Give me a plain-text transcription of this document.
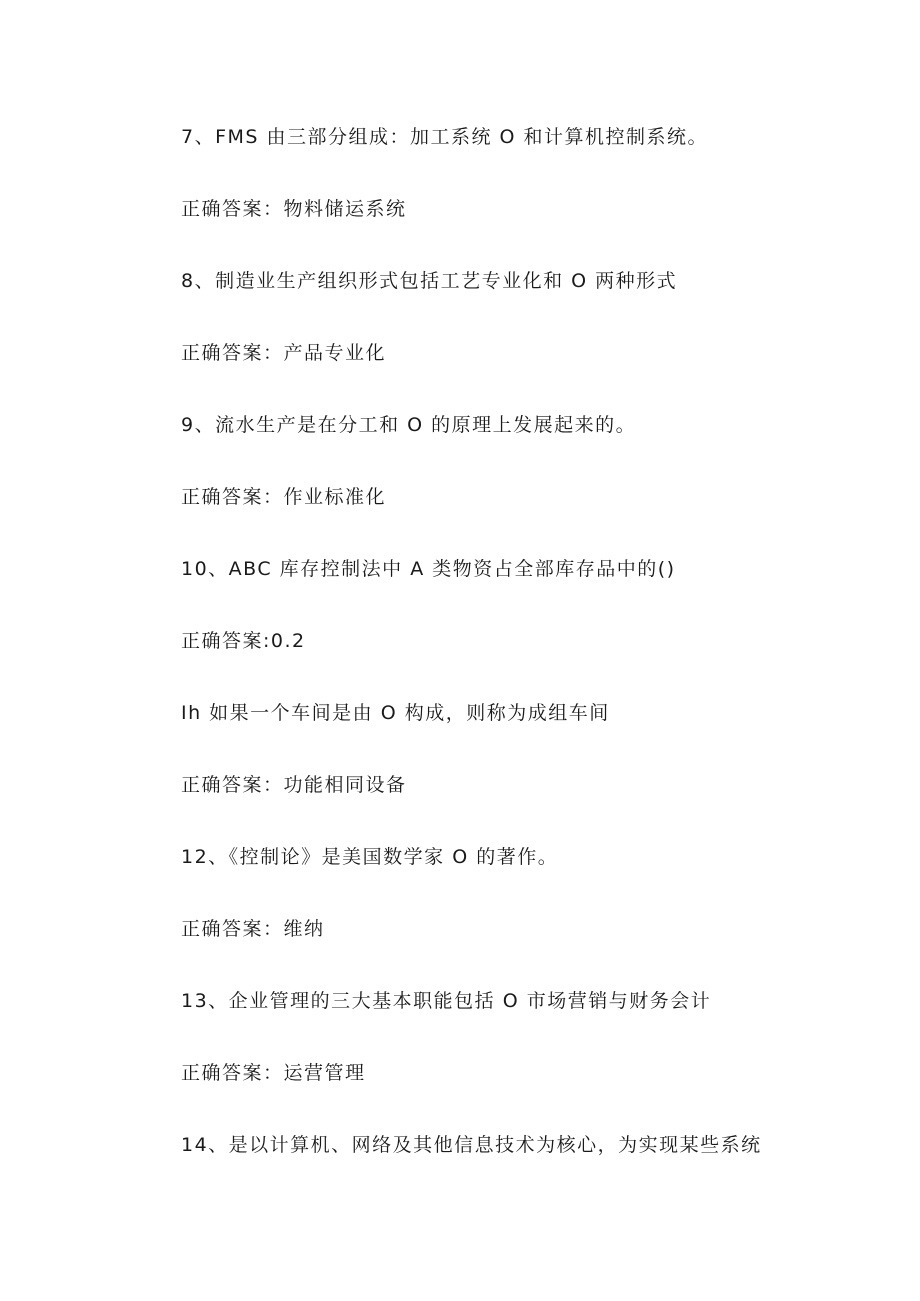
7、FMS 由三部分组成：加工系统 O 和计算机控制系统。
正确答案：物料储运系统
8、制造业生产组织形式包括工艺专业化和 O 两种形式
正确答案：产品专业化
9、流水生产是在分工和 O 的原理上发展起来的。
正确答案：作业标准化
10、ABC 库存控制法中 A 类物资占全部库存品中的()
正确答案:0.2
Ih 如果一个车间是由 O 构成，则称为成组车间
正确答案：功能相同设备
12、《控制论》是美国数学家 O 的著作。
正确答案：维纳
13、企业管理的三大基本职能包括 O 市场营销与财务会计
正确答案：运营管理
14、是以计算机、网络及其他信息技术为核心，为实现某些系统
